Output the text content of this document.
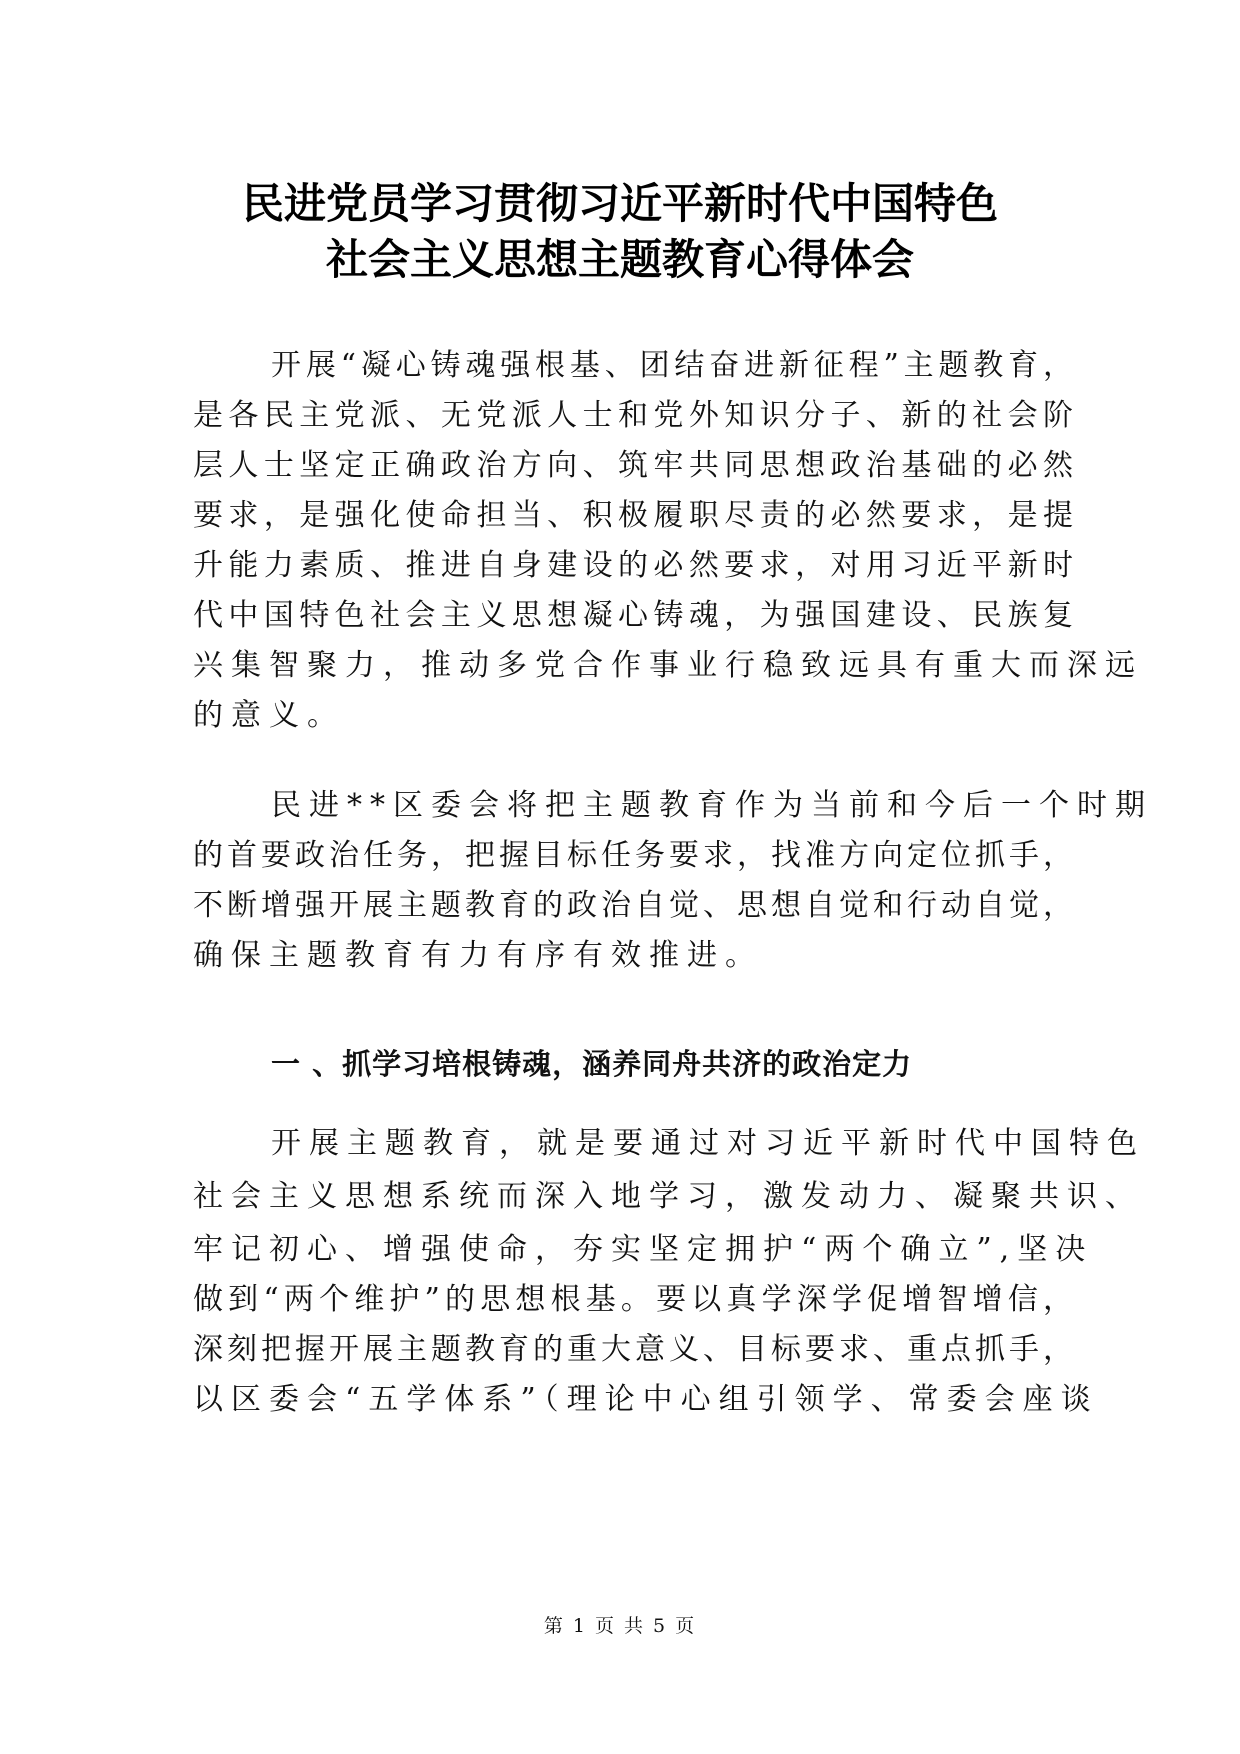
民进党员学习贯彻习近平新时代中国特色
社会主义思想主题教育心得体会
开展“凝心铸魂强根基、团结奋进新征程”主题教育，
是各民主党派、无党派人士和党外知识分子、新的社会阶
层人士坚定正确政治方向、筑牢共同思想政治基础的必然
要求，是强化使命担当、积极履职尽责的必然要求，是提
升能力素质、推进自身建设的必然要求，对用习近平新时
代中国特色社会主义思想凝心铸魂，为强国建设、民族复
兴集智聚力，推动多党合作事业行稳致远具有重大而深远
的意义。
民进**区委会将把主题教育作为当前和今后一个时期
的首要政治任务，把握目标任务要求，找准方向定位抓手，
不断增强开展主题教育的政治自觉、思想自觉和行动自觉，
确保主题教育有力有序有效推进。
一 、抓学习培根铸魂，涵养同舟共济的政治定力
开展主题教育，就是要通过对习近平新时代中国特色
社会主义思想系统而深入地学习，激发动力、凝聚共识、
牢记初心、增强使命，夯实坚定拥护“两个确立”,坚决
做到“两个维护”的思想根基。要以真学深学促增智增信，
深刻把握开展主题教育的重大意义、目标要求、重点抓手，
以区委会“五学体系”（理论中心组引领学、常委会座谈
第 1 页 共 5 页
